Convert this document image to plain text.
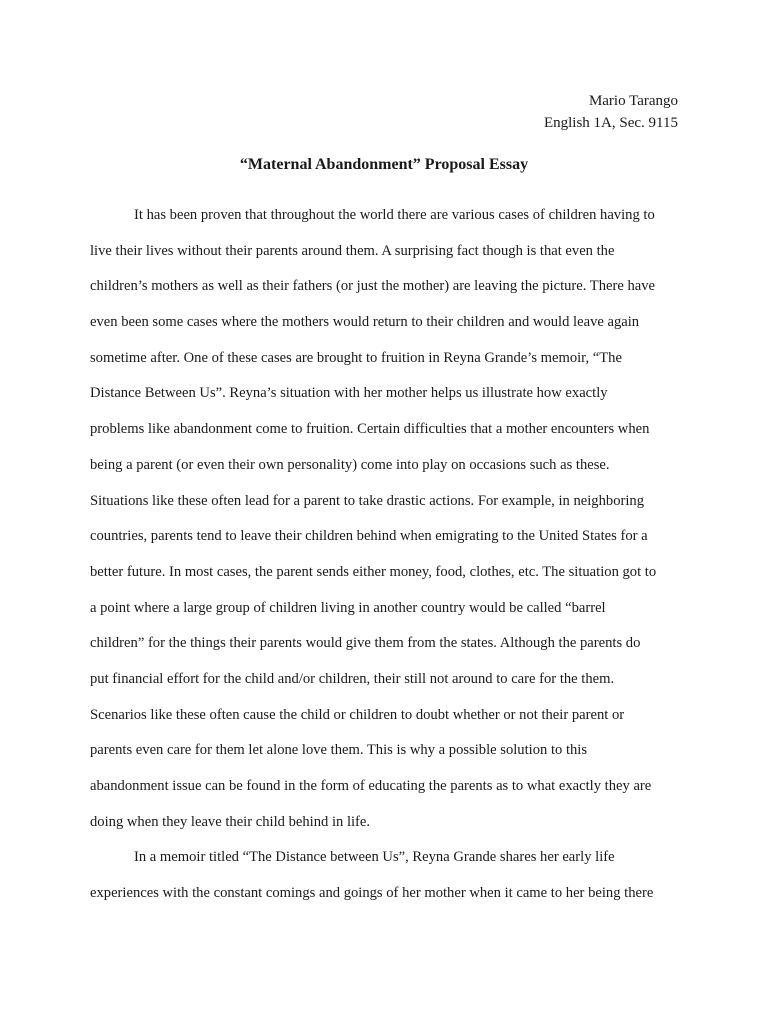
Mario Tarango
English 1A, Sec. 9115
“Maternal Abandonment” Proposal Essay
It has been proven that throughout the world there are various cases of children having to
live their lives without their parents around them. A surprising fact though is that even the
children’s mothers as well as their fathers (or just the mother) are leaving the picture. There have
even been some cases where the mothers would return to their children and would leave again
sometime after. One of these cases are brought to fruition in Reyna Grande’s memoir, “The
Distance Between Us”. Reyna’s situation with her mother helps us illustrate how exactly
problems like abandonment come to fruition. Certain difficulties that a mother encounters when
being a parent (or even their own personality) come into play on occasions such as these.
Situations like these often lead for a parent to take drastic actions. For example, in neighboring
countries, parents tend to leave their children behind when emigrating to the United States for a
better future. In most cases, the parent sends either money, food, clothes, etc. The situation got to
a point where a large group of children living in another country would be called “barrel
children” for the things their parents would give them from the states. Although the parents do
put financial effort for the child and/or children, their still not around to care for the them.
Scenarios like these often cause the child or children to doubt whether or not their parent or
parents even care for them let alone love them. This is why a possible solution to this
abandonment issue can be found in the form of educating the parents as to what exactly they are
doing when they leave their child behind in life.
In a memoir titled “The Distance between Us”, Reyna Grande shares her early life
experiences with the constant comings and goings of her mother when it came to her being there
